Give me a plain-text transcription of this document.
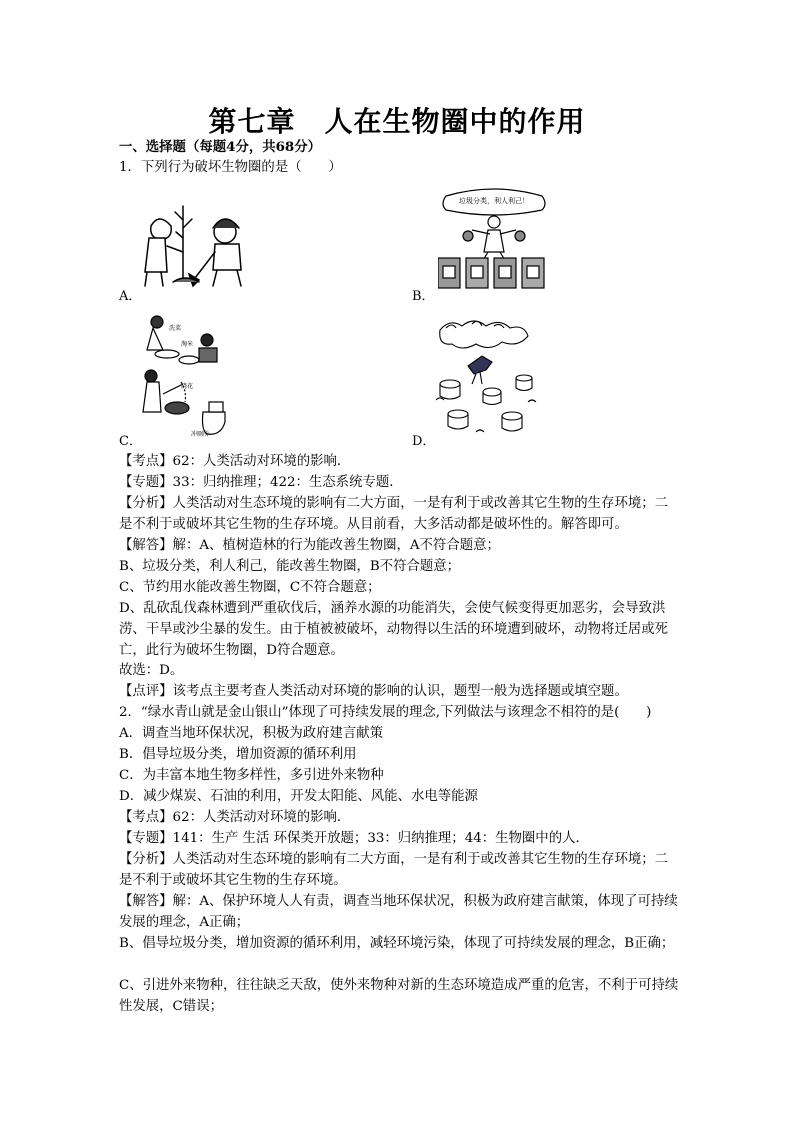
第七章　人在生物圈中的作用
一、选择题（每题4分，共68分）
1．下列行为破坏生物圈的是（　　）
A．
垃圾分类，利人利己！
B．
洗菜
淘米
浇花
冲厕所
C．	D．
【考点】62：人类活动对环境的影响．
【专题】33：归纳推理；422：生态系统专题．
【分析】人类活动对生态环境的影响有二大方面，一是有利于或改善其它生物的生存环境；二是不利于或破坏其它生物的生存环境。从目前看，大多活动都是破坏性的。解答即可。
【解答】解：A、植树造林的行为能改善生物圈，A不符合题意；
B、垃圾分类，利人利己，能改善生物圈，B不符合题意；
C、节约用水能改善生物圈，C不符合题意；
D、乱砍乱伐森林遭到严重砍伐后，涵养水源的功能消失，会使气候变得更加恶劣，会导致洪涝、干旱或沙尘暴的发生。由于植被被破坏，动物得以生活的环境遭到破坏，动物将迁居或死亡，此行为破坏生物圈，D符合题意。
故选：D。
【点评】该考点主要考查人类活动对环境的影响的认识，题型一般为选择题或填空题。
2．“绿水青山就是金山银山”体现了可持续发展的理念,下列做法与该理念不相符的是(　　)
A．调查当地环保状况，积极为政府建言献策
B．倡导垃圾分类，增加资源的循环利用
C．为丰富本地生物多样性，多引进外来物种
D．减少煤炭、石油的利用，开发太阳能、风能、水电等能源
【考点】62：人类活动对环境的影响．
【专题】141：生产 生活 环保类开放题；33：归纳推理；44：生物圈中的人．
【分析】人类活动对生态环境的影响有二大方面，一是有利于或改善其它生物的生存环境；二是不利于或破坏其它生物的生存环境。
【解答】解：A、保护环境人人有责，调查当地环保状况，积极为政府建言献策，体现了可持续发展的理念，A正确；
B、倡导垃圾分类，增加资源的循环利用，减轻环境污染，体现了可持续发展的理念，B正确；
C、引进外来物种，往往缺乏天敌，使外来物种对新的生态环境造成严重的危害，不利于可持续性发展，C错误；
